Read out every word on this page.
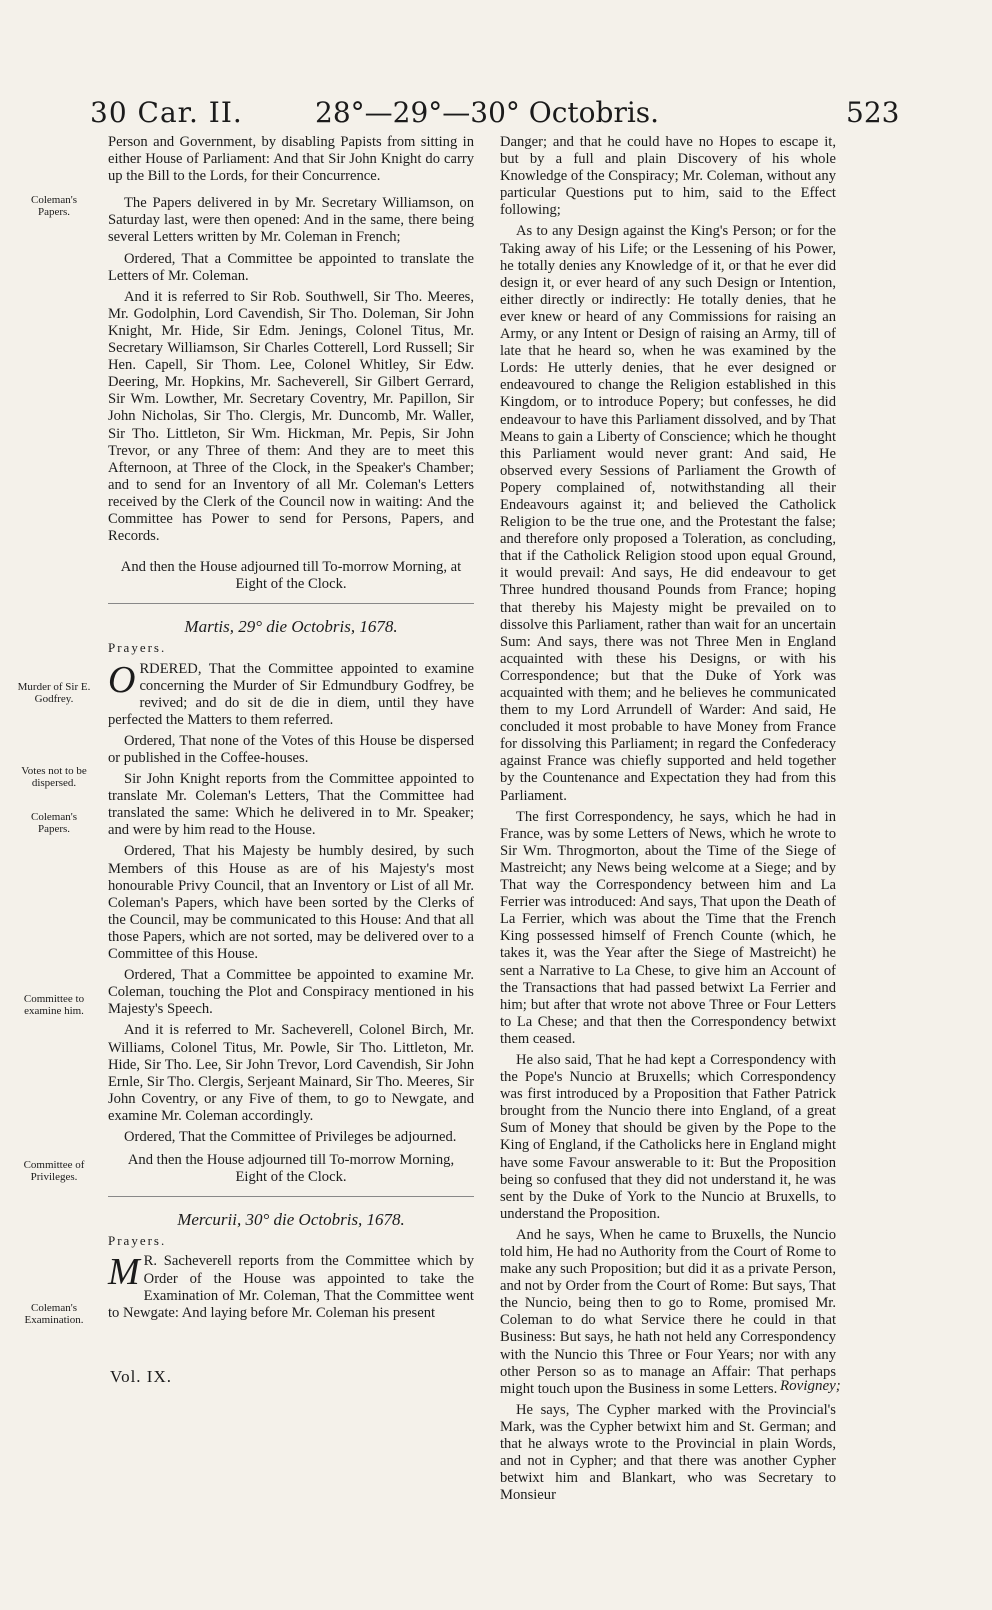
30 Car. II.	28°—29°—30° Octobris.	523
Coleman's Papers.
Murder of Sir E. Godfrey.
Votes not to be dispersed.
Coleman's Papers.
Committee to examine him.
Committee of Privileges.
Coleman's Examination.

Person and Government, by disabling Papists from sitting in either House of Parliament: And that Sir John Knight do carry up the Bill to the Lords, for their Concurrence.

The Papers delivered in by Mr. Secretary Williamson, on Saturday last, were then opened: And in the same, there being several Letters written by Mr. Coleman in French;

Ordered, That a Committee be appointed to translate the Letters of Mr. Coleman.

And it is referred to Sir Rob. Southwell, Sir Tho. Meeres, Mr. Godolphin, Lord Cavendish, Sir Tho. Doleman, Sir John Knight, Mr. Hide, Sir Edm. Jenings, Colonel Titus, Mr. Secretary Williamson, Sir Charles Cotterell, Lord Russell; Sir Hen. Capell, Sir Thom. Lee, Colonel Whitley, Sir Edw. Deering, Mr. Hopkins, Mr. Sacheverell, Sir Gilbert Gerrard, Sir Wm. Lowther, Mr. Secretary Coventry, Mr. Papillon, Sir John Nicholas, Sir Tho. Clergis, Mr. Duncomb, Mr. Waller, Sir Tho. Littleton, Sir Wm. Hickman, Mr. Pepis, Sir John Trevor, or any Three of them: And they are to meet this Afternoon, at Three of the Clock, in the Speaker's Chamber; and to send for an Inventory of all Mr. Coleman's Letters received by the Clerk of the Council now in waiting: And the Committee has Power to send for Persons, Papers, and Records.

And then the House adjourned till To-morrow Morning, at Eight of the Clock.

Martis, 29° die Octobris, 1678.

Prayers.

ORDERED, That the Committee appointed to examine concerning the Murder of Sir Edmundbury Godfrey, be revived; and do sit de die in diem, until they have perfected the Matters to them referred.

Ordered, That none of the Votes of this House be dispersed or published in the Coffee-houses.

Sir John Knight reports from the Committee appointed to translate Mr. Coleman's Letters, That the Committee had translated the same: Which he delivered in to Mr. Speaker; and were by him read to the House.

Ordered, That his Majesty be humbly desired, by such Members of this House as are of his Majesty's most honourable Privy Council, that an Inventory or List of all Mr. Coleman's Papers, which have been sorted by the Clerks of the Council, may be communicated to this House: And that all those Papers, which are not sorted, may be delivered over to a Committee of this House.

Ordered, That a Committee be appointed to examine Mr. Coleman, touching the Plot and Conspiracy mentioned in his Majesty's Speech.

And it is referred to Mr. Sacheverell, Colonel Birch, Mr. Williams, Colonel Titus, Mr. Powle, Sir Tho. Littleton, Mr. Hide, Sir Tho. Lee, Sir John Trevor, Lord Cavendish, Sir John Ernle, Sir Tho. Clergis, Serjeant Mainard, Sir Tho. Meeres, Sir John Coventry, or any Five of them, to go to Newgate, and examine Mr. Coleman accordingly.

Ordered, That the Committee of Privileges be adjourned.

And then the House adjourned till To-morrow Morning, Eight of the Clock.

Mercurii, 30° die Octobris, 1678.

Prayers.

M R. Sacheverell reports from the Committee which by Order of the House was appointed to take the Examination of Mr. Coleman, That the Committee went to Newgate: And laying before Mr. Coleman his present

Danger; and that he could have no Hopes to escape it, but by a full and plain Discovery of his whole Knowledge of the Conspiracy; Mr. Coleman, without any particular Questions put to him, said to the Effect following;

As to any Design against the King's Person; or for the Taking away of his Life; or the Lessening of his Power, he totally denies any Knowledge of it, or that he ever did design it, or ever heard of any such Design or Intention, either directly or indirectly: He totally denies, that he ever knew or heard of any Commissions for raising an Army, or any Intent or Design of raising an Army, till of late that he heard so, when he was examined by the Lords: He utterly denies, that he ever designed or endeavoured to change the Religion established in this Kingdom, or to introduce Popery; but confesses, he did endeavour to have this Parliament dissolved, and by That Means to gain a Liberty of Conscience; which he thought this Parliament would never grant: And said, He observed every Sessions of Parliament the Growth of Popery complained of, notwithstanding all their Endeavours against it; and believed the Catholick Religion to be the true one, and the Protestant the false; and therefore only proposed a Toleration, as concluding, that if the Catholick Religion stood upon equal Ground, it would prevail: And says, He did endeavour to get Three hundred thousand Pounds from France; hoping that thereby his Majesty might be prevailed on to dissolve this Parliament, rather than wait for an uncertain Sum: And says, there was not Three Men in England acquainted with these his Designs, or with his Correspondence; but that the Duke of York was acquainted with them; and he believes he communicated them to my Lord Arrundell of Warder: And said, He concluded it most probable to have Money from France for dissolving this Parliament; in regard the Confederacy against France was chiefly supported and held together by the Countenance and Expectation they had from this Parliament.

The first Correspondency, he says, which he had in France, was by some Letters of News, which he wrote to Sir Wm. Throgmorton, about the Time of the Siege of Mastreicht; any News being welcome at a Siege; and by That way the Correspondency between him and La Ferrier was introduced: And says, That upon the Death of La Ferrier, which was about the Time that the French King possessed himself of French Counte (which, he takes it, was the Year after the Siege of Mastreicht) he sent a Narrative to La Chese, to give him an Account of the Transactions that had passed betwixt La Ferrier and him; but after that wrote not above Three or Four Letters to La Chese; and that then the Correspondency betwixt them ceased.

He also said, That he had kept a Correspondency with the Pope's Nuncio at Bruxells; which Correspondency was first introduced by a Proposition that Father Patrick brought from the Nuncio there into England, of a great Sum of Money that should be given by the Pope to the King of England, if the Catholicks here in England might have some Favour answerable to it: But the Proposition being so confused that they did not understand it, he was sent by the Duke of York to the Nuncio at Bruxells, to understand the Proposition.

And he says, When he came to Bruxells, the Nuncio told him, He had no Authority from the Court of Rome to make any such Proposition; but did it as a private Person, and not by Order from the Court of Rome: But says, That the Nuncio, being then to go to Rome, promised Mr. Coleman to do what Service there he could in that Business: But says, he hath not held any Correspondency with the Nuncio this Three or Four Years; nor with any other Person so as to manage an Affair: That perhaps might touch upon the Business in some Letters.

He says, The Cypher marked with the Provincial's Mark, was the Cypher betwixt him and St. German; and that he always wrote to the Provincial in plain Words, and not in Cypher; and that there was another Cypher betwixt him and Blankart, who was Secretary to Monsieur

Vol. IX.	Rovigney;
